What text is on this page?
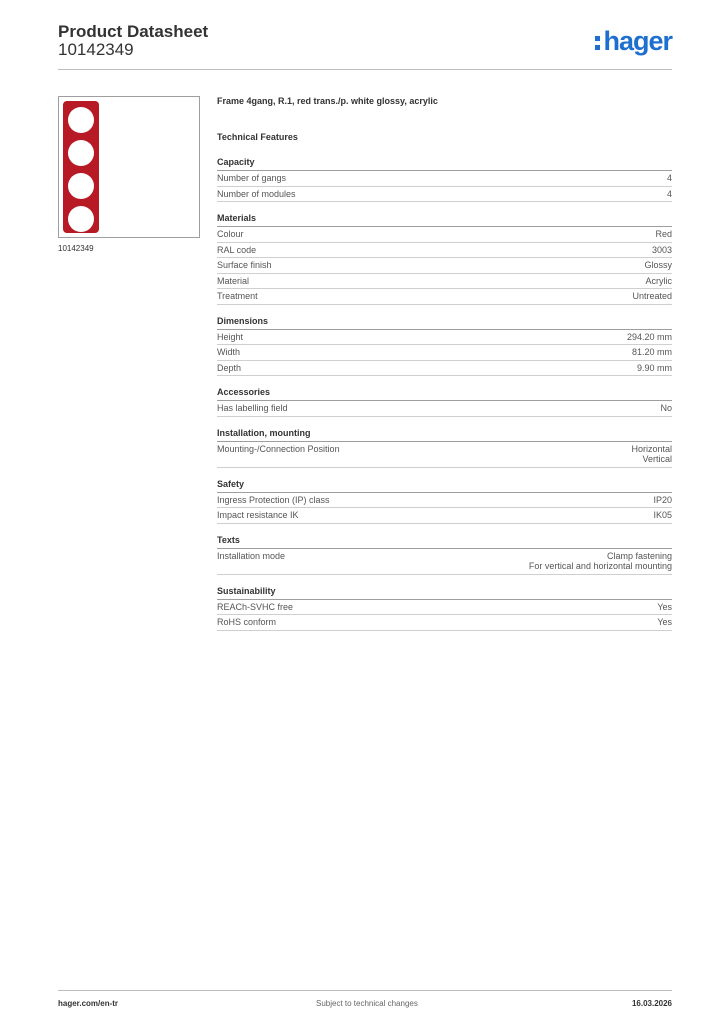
Product Datasheet
10142349	hager
10142349
Frame 4gang, R.1, red trans./p. white glossy, acrylic
Technical Features
Capacity
Number of gangs	4
Number of modules	4
Materials
Colour	Red
RAL code	3003
Surface finish	Glossy
Material	Acrylic
Treatment	Untreated
Dimensions
Height	294.20 mm
Width	81.20 mm
Depth	9.90 mm
Accessories
Has labelling field	No
Installation, mounting
Mounting-/Connection Position	Horizontal
Vertical
Safety
Ingress Protection (IP) class	IP20
Impact resistance IK	IK05
Texts
Installation mode	Clamp fastening
For vertical and horizontal mounting
Sustainability
REACh-SVHC free	Yes
RoHS conform	Yes
hager.com/en-tr	Subject to technical changes	16.03.2026
